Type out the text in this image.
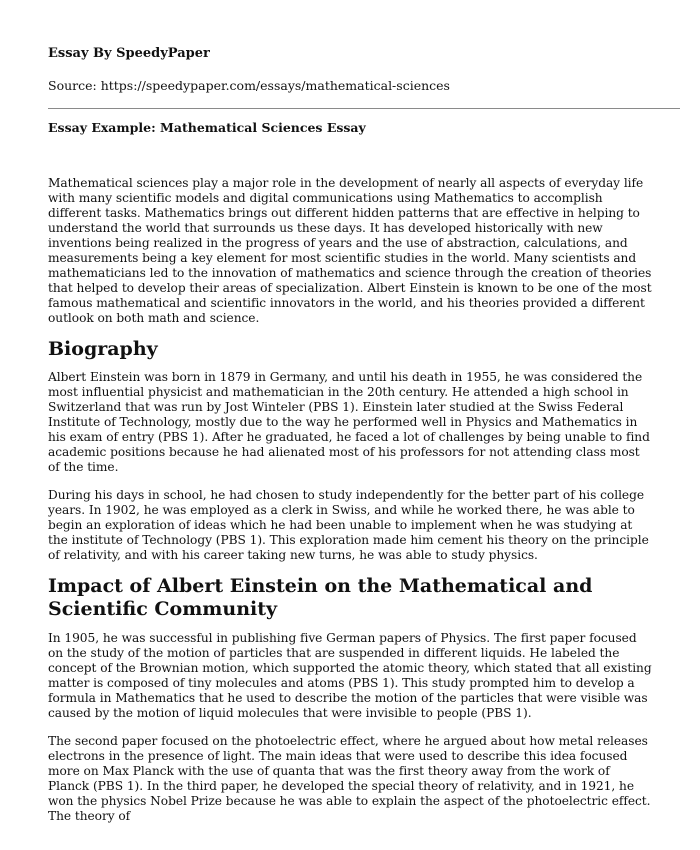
Essay By SpeedyPaper

Source: https://speedypaper.com/essays/mathematical-sciences

Essay Example: Mathematical Sciences Essay

Mathematical sciences play a major role in the development of nearly all aspects of everyday life with many scientific models and digital communications using Mathematics to accomplish different tasks. Mathematics brings out different hidden patterns that are effective in helping to understand the world that surrounds us these days. It has developed historically with new inventions being realized in the progress of years and the use of abstraction, calculations, and measurements being a key element for most scientific studies in the world. Many scientists and mathematicians led to the innovation of mathematics and science through the creation of theories that helped to develop their areas of specialization. Albert Einstein is known to be one of the most famous mathematical and scientific innovators in the world, and his theories provided a different outlook on both math and science.

Biography

Albert Einstein was born in 1879 in Germany, and until his death in 1955, he was considered the most influential physicist and mathematician in the 20th century. He attended a high school in Switzerland that was run by Jost Winteler (PBS 1). Einstein later studied at the Swiss Federal Institute of Technology, mostly due to the way he performed well in Physics and Mathematics in his exam of entry (PBS 1). After he graduated, he faced a lot of challenges by being unable to find academic positions because he had alienated most of his professors for not attending class most of the time.

During his days in school, he had chosen to study independently for the better part of his college years. In 1902, he was employed as a clerk in Swiss, and while he worked there, he was able to begin an exploration of ideas which he had been unable to implement when he was studying at the institute of Technology (PBS 1). This exploration made him cement his theory on the principle of relativity, and with his career taking new turns, he was able to study physics.

Impact of Albert Einstein on the Mathematical and Scientific Community

In 1905, he was successful in publishing five German papers of Physics. The first paper focused on the study of the motion of particles that are suspended in different liquids. He labeled the concept of the Brownian motion, which supported the atomic theory, which stated that all existing matter is composed of tiny molecules and atoms (PBS 1). This study prompted him to develop a formula in Mathematics that he used to describe the motion of the particles that were visible was caused by the motion of liquid molecules that were invisible to people (PBS 1).

The second paper focused on the photoelectric effect, where he argued about how metal releases electrons in the presence of light. The main ideas that were used to describe this idea focused more on Max Planck with the use of quanta that was the first theory away from the work of Planck (PBS 1). In the third paper, he developed the special theory of relativity, and in 1921, he won the physics Nobel Prize because he was able to explain the aspect of the photoelectric effect. The theory of
